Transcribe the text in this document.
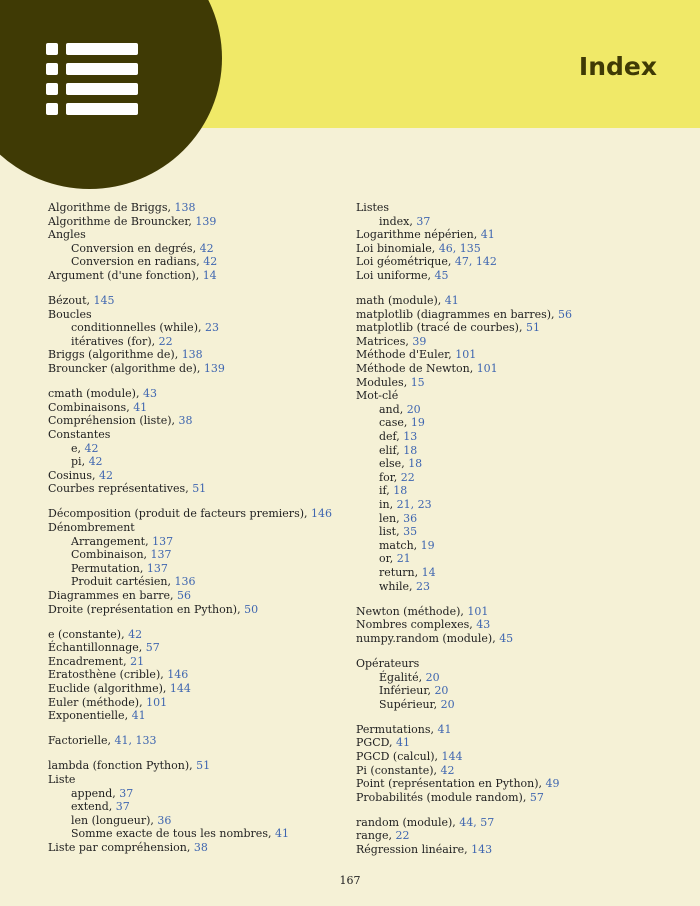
Index
Algorithme de Briggs, 138
Algorithme de Brouncker, 139
Angles
Conversion en degrés, 42
Conversion en radians, 42
Argument (d'une fonction), 14
Bézout, 145
Boucles
conditionnelles (while), 23
itératives (for), 22
Briggs (algorithme de), 138
Brouncker (algorithme de), 139
cmath (module), 43
Combinaisons, 41
Compréhension (liste), 38
Constantes
e, 42
pi, 42
Cosinus, 42
Courbes représentatives, 51
Décomposition (produit de facteurs premiers), 146
Dénombrement
Arrangement, 137
Combinaison, 137
Permutation, 137
Produit cartésien, 136
Diagrammes en barre, 56
Droite (représentation en Python), 50
e (constante), 42
Échantillonnage, 57
Encadrement, 21
Eratosthène (crible), 146
Euclide (algorithme), 144
Euler (méthode), 101
Exponentielle, 41
Factorielle, 41, 133
lambda (fonction Python), 51
Liste
append, 37
extend, 37
len (longueur), 36
Somme exacte de tous les nombres, 41
Liste par compréhension, 38
Listes
index, 37
Logarithme népérien, 41
Loi binomiale, 46, 135
Loi géométrique, 47, 142
Loi uniforme, 45
math (module), 41
matplotlib (diagrammes en barres), 56
matplotlib (tracé de courbes), 51
Matrices, 39
Méthode d'Euler, 101
Méthode de Newton, 101
Modules, 15
Mot-clé
and, 20
case, 19
def, 13
elif, 18
else, 18
for, 22
if, 18
in, 21, 23
len, 36
list, 35
match, 19
or, 21
return, 14
while, 23
Newton (méthode), 101
Nombres complexes, 43
numpy.random (module), 45
Opérateurs
Égalité, 20
Inférieur, 20
Supérieur, 20
Permutations, 41
PGCD, 41
PGCD (calcul), 144
Pi (constante), 42
Point (représentation en Python), 49
Probabilités (module random), 57
random (module), 44, 57
range, 22
Régression linéaire, 143
167
